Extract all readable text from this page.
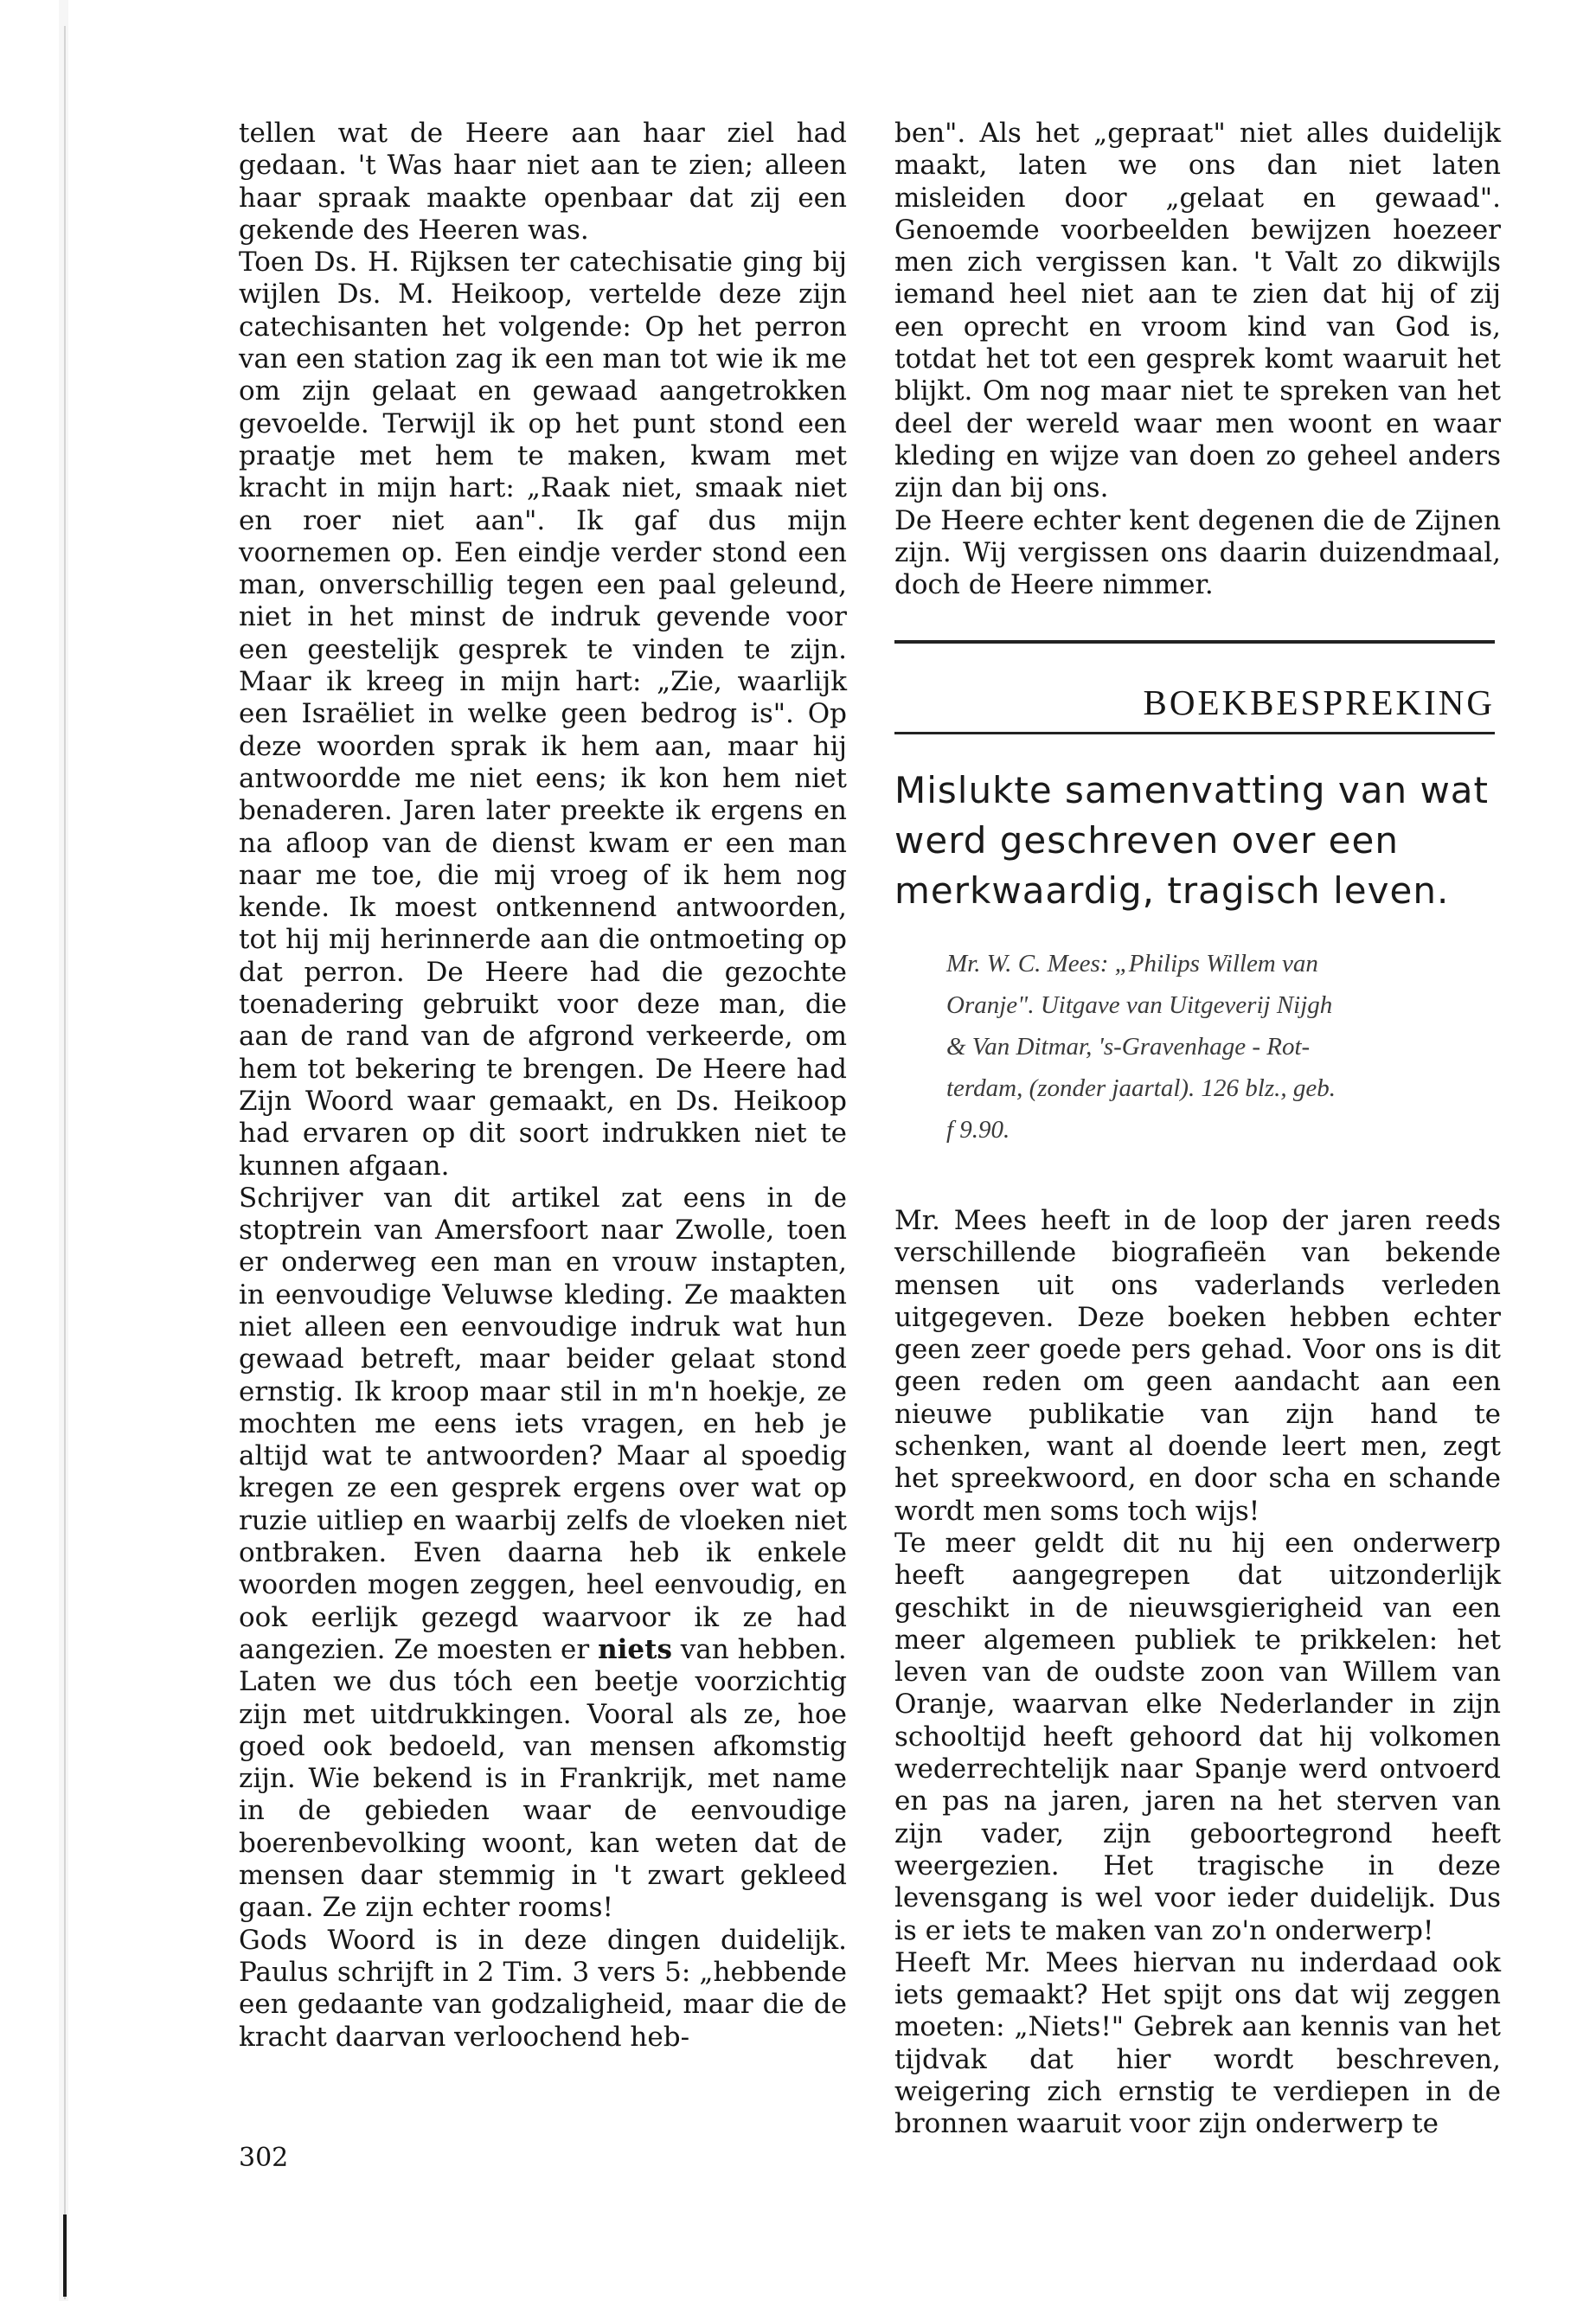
tellen wat de Heere aan haar ziel had gedaan. 't Was haar niet aan te zien; alleen haar spraak maakte openbaar dat zij een gekende des Heeren was.

Toen Ds. H. Rijksen ter catechisatie ging bij wijlen Ds. M. Heikoop, vertelde deze zijn catechisanten het volgende: Op het perron van een station zag ik een man tot wie ik me om zijn gelaat en gewaad aangetrokken gevoelde. Terwijl ik op het punt stond een praatje met hem te maken, kwam met kracht in mijn hart: „Raak niet, smaak niet en roer niet aan". Ik gaf dus mijn voornemen op. Een eindje verder stond een man, onverschillig tegen een paal geleund, niet in het minst de indruk gevende voor een geestelijk gesprek te vinden te zijn. Maar ik kreeg in mijn hart: „Zie, waarlijk een Israëliet in welke geen bedrog is". Op deze woorden sprak ik hem aan, maar hij antwoordde me niet eens; ik kon hem niet benaderen. Jaren later preekte ik ergens en na afloop van de dienst kwam er een man naar me toe, die mij vroeg of ik hem nog kende. Ik moest ontkennend antwoorden, tot hij mij herinnerde aan die ontmoeting op dat perron. De Heere had die gezochte toenadering gebruikt voor deze man, die aan de rand van de afgrond verkeerde, om hem tot bekering te brengen. De Heere had Zijn Woord waar gemaakt, en Ds. Heikoop had ervaren op dit soort indrukken niet te kunnen afgaan.

Schrijver van dit artikel zat eens in de stoptrein van Amersfoort naar Zwolle, toen er onderweg een man en vrouw instapten, in eenvoudige Veluwse kleding. Ze maakten niet alleen een eenvoudige indruk wat hun gewaad betreft, maar beider gelaat stond ernstig. Ik kroop maar stil in m'n hoekje, ze mochten me eens iets vragen, en heb je altijd wat te antwoorden? Maar al spoedig kregen ze een gesprek ergens over wat op ruzie uitliep en waarbij zelfs de vloeken niet ontbraken. Even daarna heb ik enkele woorden mogen zeggen, heel eenvoudig, en ook eerlijk gezegd waarvoor ik ze had aangezien. Ze moesten er niets van hebben.

Laten we dus tóch een beetje voorzichtig zijn met uitdrukkingen. Vooral als ze, hoe goed ook bedoeld, van mensen afkomstig zijn. Wie bekend is in Frankrijk, met name in de gebieden waar de eenvoudige boerenbevolking woont, kan weten dat de mensen daar stemmig in 't zwart gekleed gaan. Ze zijn echter rooms!

Gods Woord is in deze dingen duidelijk. Paulus schrijft in 2 Tim. 3 vers 5: „hebbende een gedaante van godzaligheid, maar die de kracht daarvan verloochend heb-

ben". Als het „gepraat" niet alles duidelijk maakt, laten we ons dan niet laten misleiden door „gelaat en gewaad". Genoemde voorbeelden bewijzen hoezeer men zich vergissen kan. 't Valt zo dikwijls iemand heel niet aan te zien dat hij of zij een oprecht en vroom kind van God is, totdat het tot een gesprek komt waaruit het blijkt. Om nog maar niet te spreken van het deel der wereld waar men woont en waar kleding en wijze van doen zo geheel anders zijn dan bij ons.

De Heere echter kent degenen die de Zijnen zijn. Wij vergissen ons daarin duizendmaal, doch de Heere nimmer.

BOEKBESPREKING
Mislukte samenvatting van wat
werd geschreven over een
merkwaardig, tragisch leven.
Mr. W. C. Mees: „Philips Willem van
Oranje". Uitgave van Uitgeverij Nijgh
& Van Ditmar, 's-Gravenhage - Rot-
terdam, (zonder jaartal). 126 blz., geb.
f 9.90.

Mr. Mees heeft in de loop der jaren reeds verschillende biografieën van bekende mensen uit ons vaderlands verleden uitgegeven. Deze boeken hebben echter geen zeer goede pers gehad. Voor ons is dit geen reden om geen aandacht aan een nieuwe publikatie van zijn hand te schenken, want al doende leert men, zegt het spreekwoord, en door scha en schande wordt men soms toch wijs!

Te meer geldt dit nu hij een onderwerp heeft aangegrepen dat uitzonderlijk geschikt in de nieuwsgierigheid van een meer algemeen publiek te prikkelen: het leven van de oudste zoon van Willem van Oranje, waarvan elke Nederlander in zijn schooltijd heeft gehoord dat hij volkomen wederrechtelijk naar Spanje werd ontvoerd en pas na jaren, jaren na het sterven van zijn vader, zijn geboortegrond heeft weergezien. Het tragische in deze levensgang is wel voor ieder duidelijk. Dus is er iets te maken van zo'n onderwerp!

Heeft Mr. Mees hiervan nu inderdaad ook iets gemaakt? Het spijt ons dat wij zeggen moeten: „Niets!" Gebrek aan kennis van het tijdvak dat hier wordt beschreven, weigering zich ernstig te verdiepen in de bronnen waaruit voor zijn onderwerp te

302
